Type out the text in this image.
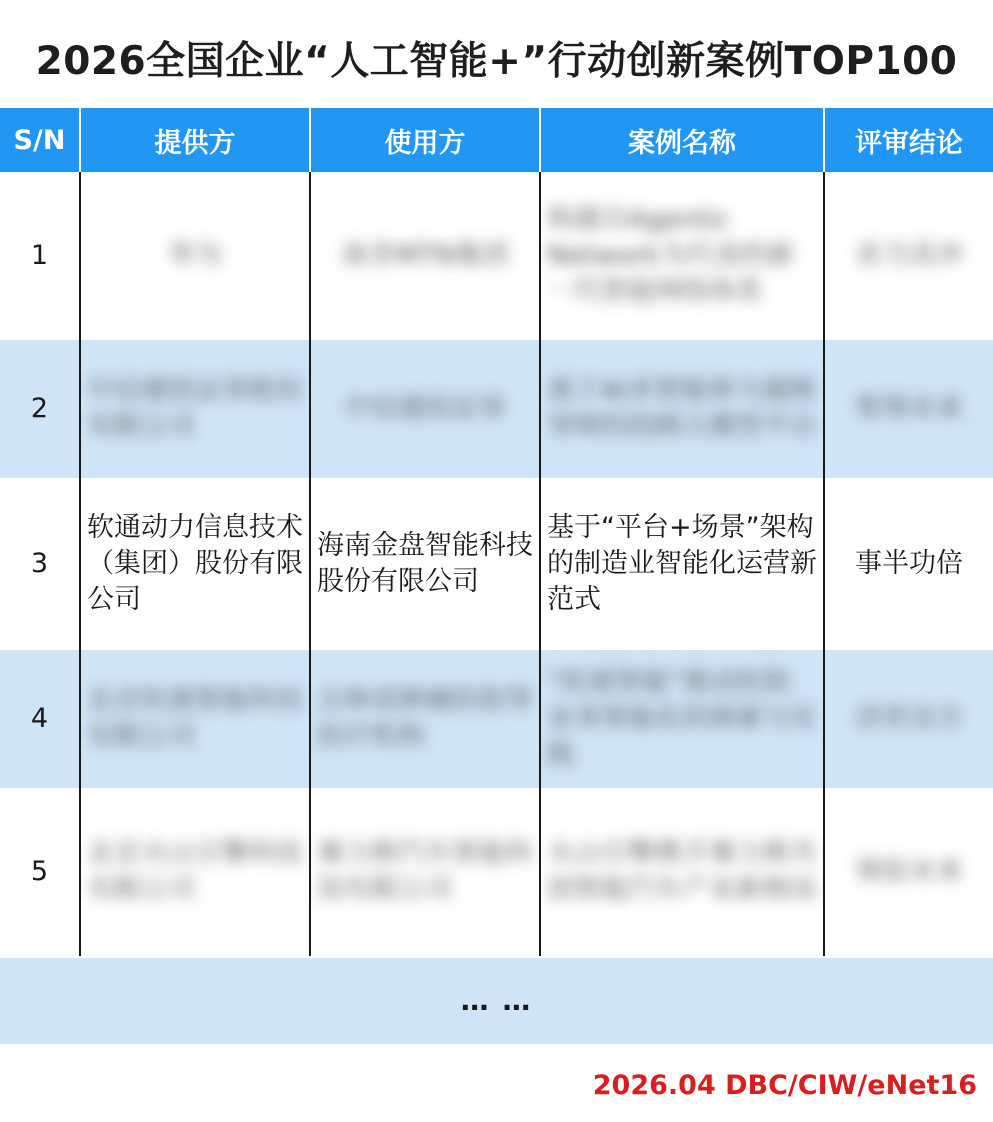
2026全国企业“人工智能+”行动创新案例TOP100
S/N	提供方	使用方	案例名称	评审结论
1	华为	南非MTN集团	构建自Agentic Network为代表的新一代智能网络体系	首当其冲
2	中信建投证券股份有限公司	中信建投证券	基于AI多智能体与超级导师的投顾大模型平台	智领未来
3	软通动力信息技术（集团）股份有限公司	海南金盘智能科技股份有限公司	基于“平台+场景”架构的制造业智能化运营新范式	事半功倍
4	北京医渡智能科技有限公司	吉林省肿瘤医院等医疗机构	“医渡智能”推动医院业务智能化的探索与实践	济世良方
5	北京火山引擎科技有限公司	赛力斯汽车智能科技有限公司	火山引擎携手赛力斯共创智能汽车产业新格局	领驭未来
… …
2026.04 DBC/CIW/eNet16
